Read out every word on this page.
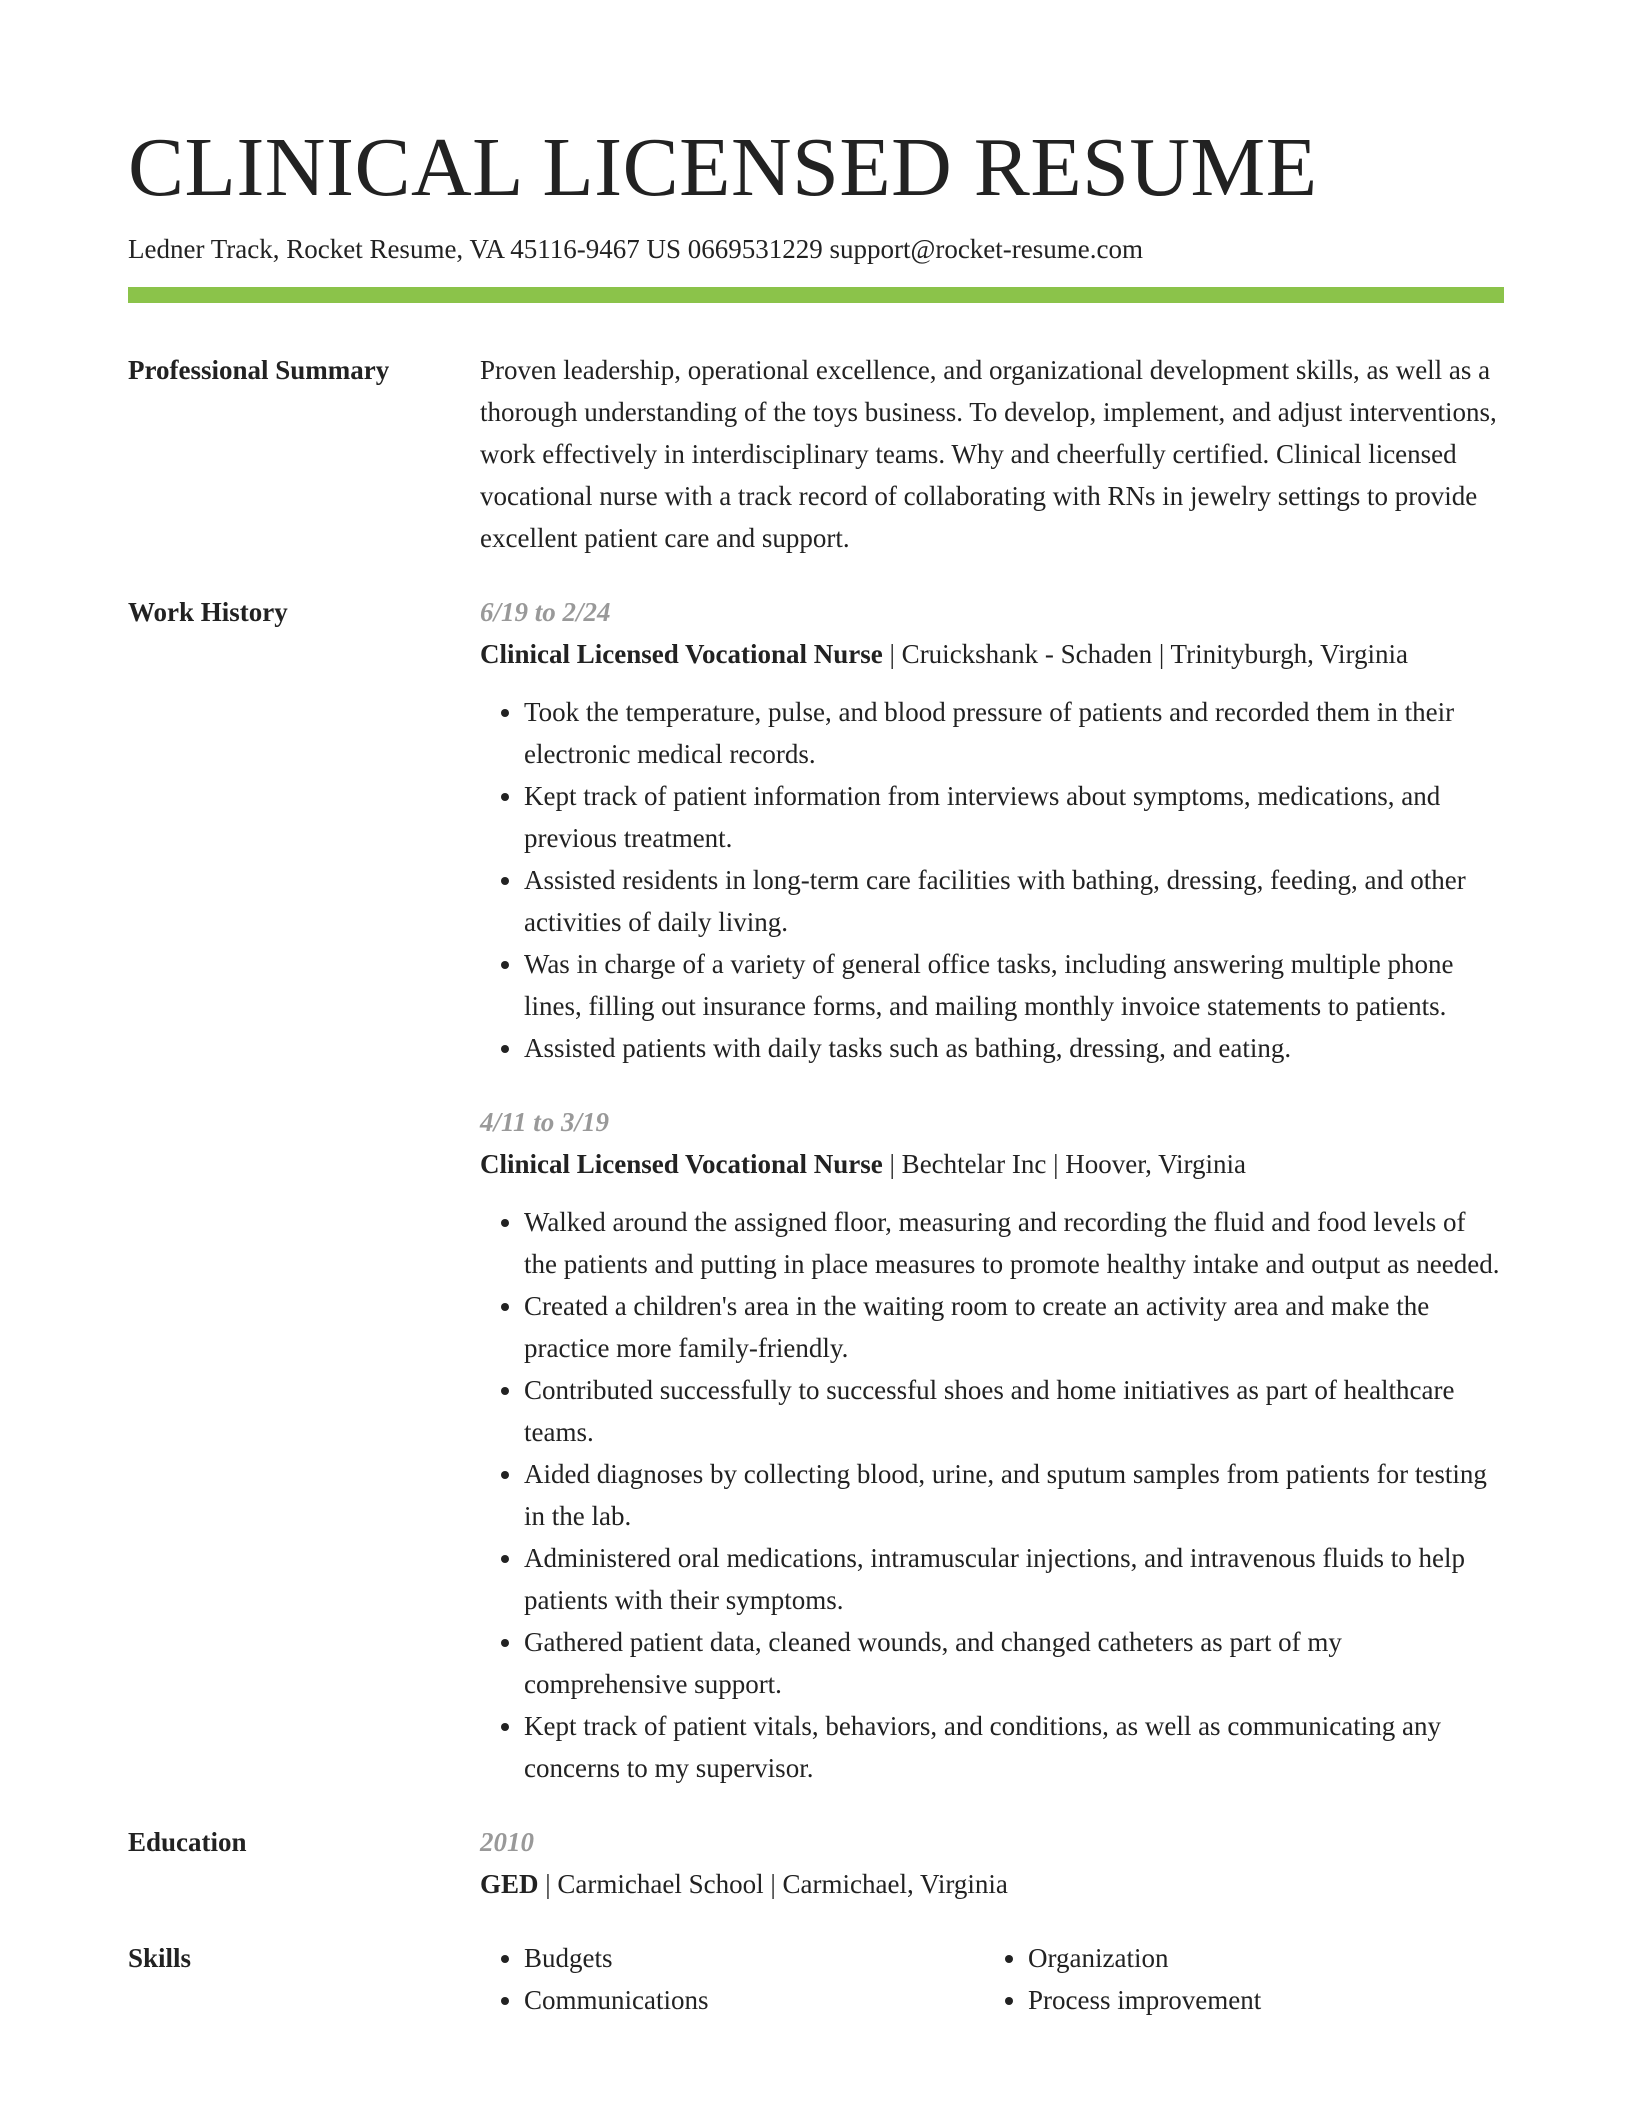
CLINICAL LICENSED RESUME
Ledner Track, Rocket Resume, VA 45116-9467 US 0669531229 support@rocket-resume.com
Professional Summary	Proven leadership, operational excellence, and organizational development skills, as well as a thorough understanding of the toys business. To develop, implement, and adjust interventions, work effectively in interdisciplinary teams. Why and cheerfully certified. Clinical licensed vocational nurse with a track record of collaborating with RNs in jewelry settings to provide excellent patient care and support.

Work History	6/19 to 2/24
Clinical Licensed Vocational Nurse | Cruickshank - Schaden | Trinityburgh, Virginia
• Took the temperature, pulse, and blood pressure of patients and recorded them in their electronic medical records.
• Kept track of patient information from interviews about symptoms, medications, and previous treatment.
• Assisted residents in long-term care facilities with bathing, dressing, feeding, and other activities of daily living.
• Was in charge of a variety of general office tasks, including answering multiple phone lines, filling out insurance forms, and mailing monthly invoice statements to patients.
• Assisted patients with daily tasks such as bathing, dressing, and eating.
4/11 to 3/19
Clinical Licensed Vocational Nurse | Bechtelar Inc | Hoover, Virginia
• Walked around the assigned floor, measuring and recording the fluid and food levels of the patients and putting in place measures to promote healthy intake and output as needed.
• Created a children's area in the waiting room to create an activity area and make the practice more family-friendly.
• Contributed successfully to successful shoes and home initiatives as part of healthcare teams.
• Aided diagnoses by collecting blood, urine, and sputum samples from patients for testing in the lab.
• Administered oral medications, intramuscular injections, and intravenous fluids to help patients with their symptoms.
• Gathered patient data, cleaned wounds, and changed catheters as part of my comprehensive support.
• Kept track of patient vitals, behaviors, and conditions, as well as communicating any concerns to my supervisor.
Education	2010
GED | Carmichael School | Carmichael, Virginia
Skills
•	Budgets
• Communications
• Organization
• Process improvement
